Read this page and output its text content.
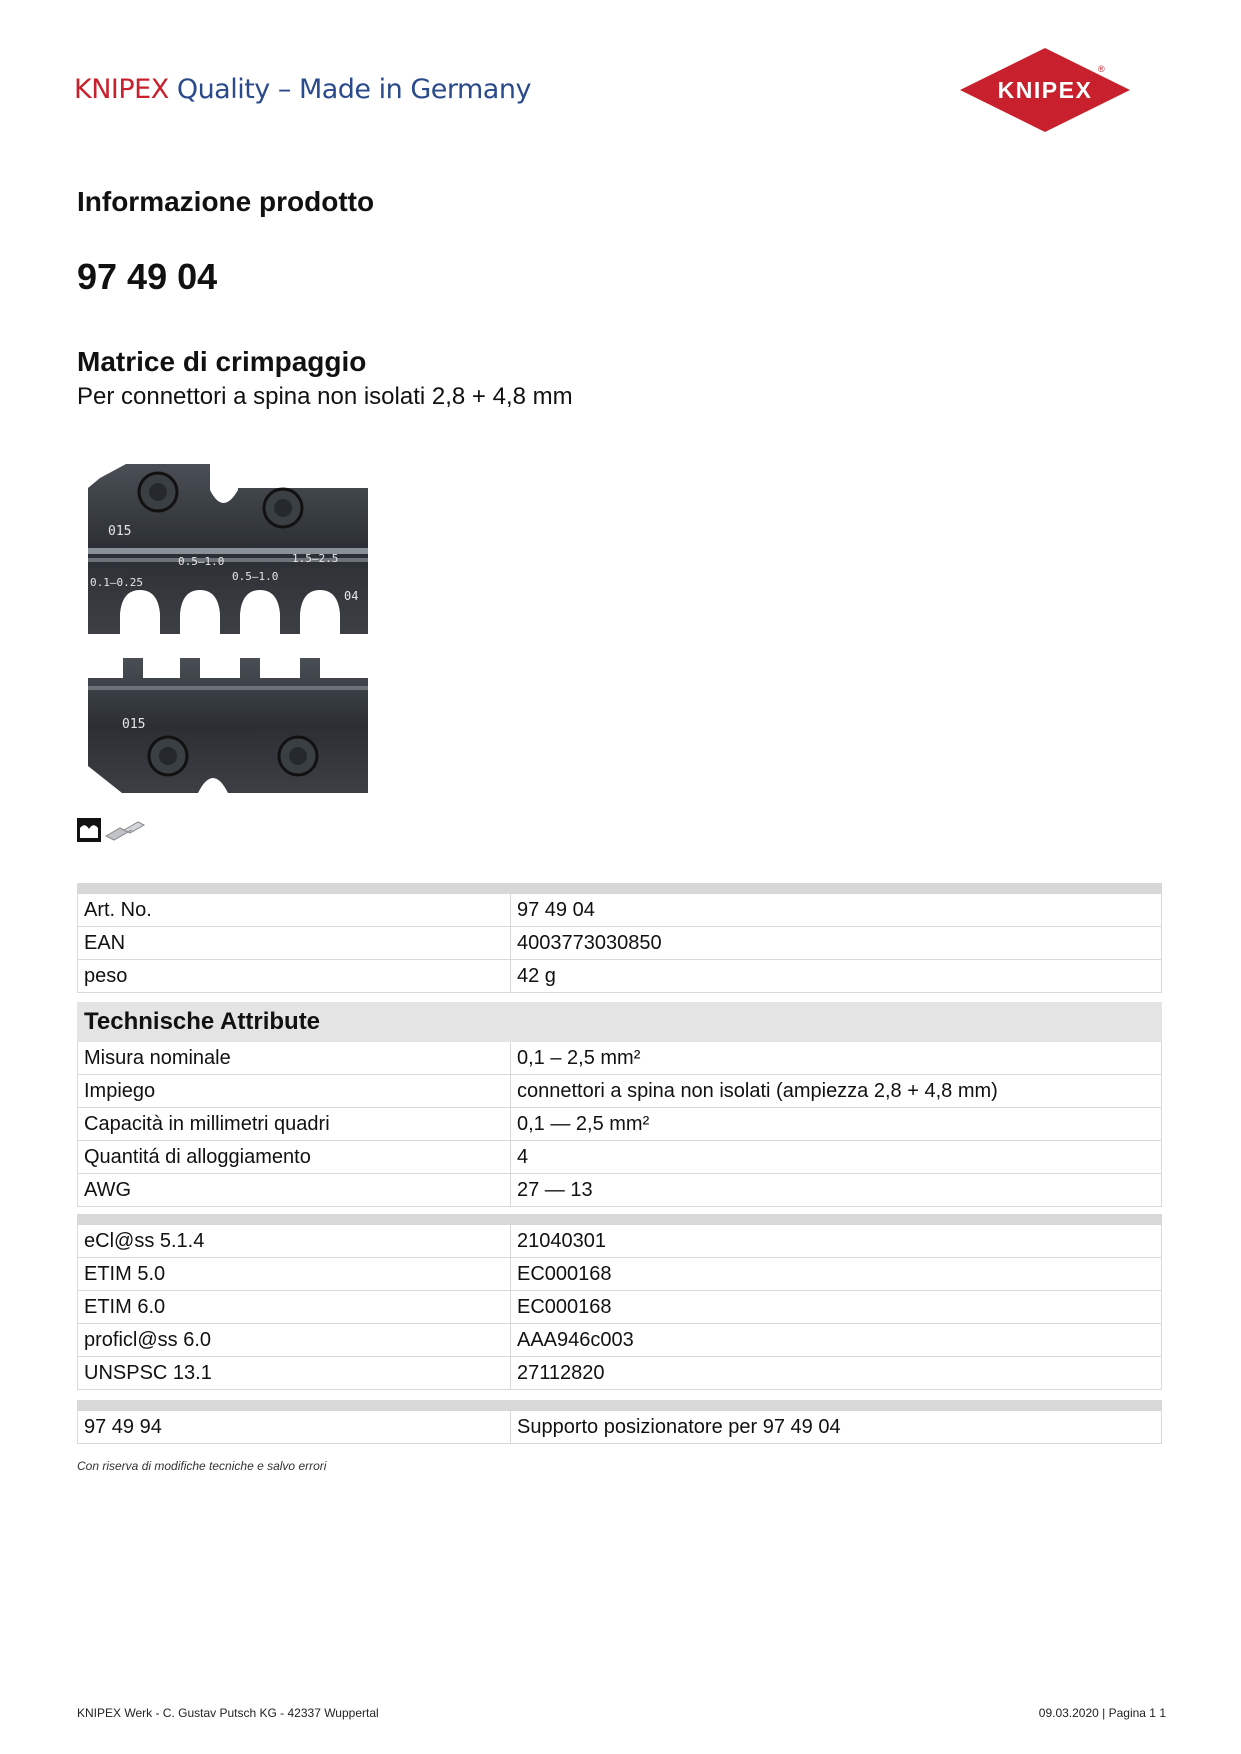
KNIPEX Quality – Made in Germany	KNIPEX
®
Informazione prodotto
97 49 04
Matrice di crimpaggio
Per connettori a spina non isolati 2,8 + 4,8 mm
015
0.5–1.0	1.5–2.5
0.1–0.25	0.5–1.0
04
015

Art. No.	97 49 04
EAN	4003773030850
peso	42 g
Technische Attribute	
Misura nominale	0,1 – 2,5 mm²
Impiego	connettori a spina non isolati (ampiezza 2,8 + 4,8 mm)
Capacità in millimetri quadri	0,1 — 2,5 mm²
Quantitá di alloggiamento	4
AWG	27 — 13

eCl@ss 5.1.4	21040301
ETIM 5.0	EC000168
ETIM 6.0	EC000168
proficl@ss 6.0	AAA946c003
UNSPSC 13.1	27112820

97 49 94	Supporto posizionatore per 97 49 04
Con riserva di modifiche tecniche e salvo errori
KNIPEX Werk - C. Gustav Putsch KG - 42337 Wuppertal	09.03.2020 | Pagina 1 1
